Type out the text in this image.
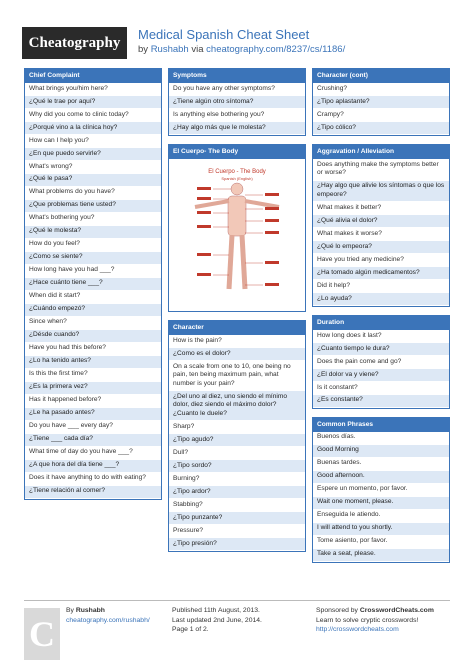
Cheatography	Medical Spanish Cheat Sheet
by Rushabh via cheatography.com/8237/cs/1186/
Chief Complaint
What brings you/him here?
¿Qué le trae por aquí?
Why did you come to clinic today?
¿Porqué vino a la clínica hoy?
How can I help you?
¿En que puedo servirle?
What's wrong?
¿Qué le pasa?
What problems do you have?
¿Que problemas tiene usted?
What's bothering you?
¿Qué le molesta?
How do you feel?
¿Como se siente?
How long have you had ___?
¿Hace cuánto tiene ___?
When did it start?
¿Cuándo empezó?
Since when?
¿Désde cuando?
Have you had this before?
¿Lo ha tenido antes?
Is this the first time?
¿Es la primera vez?
Has it happened before?
¿Le ha pasado antes?
Do you have ___ every day?
¿Tiene ___ cada día?
What time of day do you have ___?
¿A que hora del día tiene ___?
Does it have anything to do with eating?
¿Tiene relación al comer?
Symptoms
Do you have any other symptoms?
¿Tiene algún otro síntoma?
Is anything else bothering you?
¿Hay algo más que le molesta?
El Cuerpo- The Body
El Cuerpo - The Body
Spanish (English)
Character
How is the pain?
¿Como es el dolor?
On a scale from one to 10, one being no pain, ten being maximum pain, what number is your pain?
¿Del uno al diez, uno siendo el mínimo dolor, diez siendo el máximo dolor? ¿Cuanto le duele?
Sharp?
¿Tipo agudo?
Dull?
¿Tipo sordo?
Burning?
¿Tipo ardor?
Stabbing?
¿Tipo punzante?
Pressure?
¿Tipo presión?
Character (cont)
Crushing?
¿Tipo aplastante?
Crampy?
¿Tipo cólico?
Aggravation / Alleviation
Does anything make the symptoms better or worse?
¿Hay algo que alivie los síntomas o que los empeore?
What makes it better?
¿Qué alivia el dolor?
What makes it worse?
¿Qué lo empeora?
Have you tried any medicine?
¿Ha tomado algún medicamentos?
Did it help?
¿Lo ayuda?
Duration
How long does it last?
¿Cuanto tiempo le dura?
Does the pain come and go?
¿El dolor va y viene?
Is it constant?
¿Es constante?
Common Phrases
Buenos días.
Good Morning
Buenas tardes.
Good afternoon.
Espere un momento, por favor.
Wait one moment, please.
Enseguida le atiendo.
I will attend to you shortly.
Tome asiento, por favor.
Take a seat, please.
C
By Rushabh
cheatography.com/rushabh/
Published 11th August, 2013.
Last updated 2nd June, 2014.
Page 1 of 2.
Sponsored by CrosswordCheats.com
Learn to solve cryptic crosswords!
http://crosswordcheats.com
